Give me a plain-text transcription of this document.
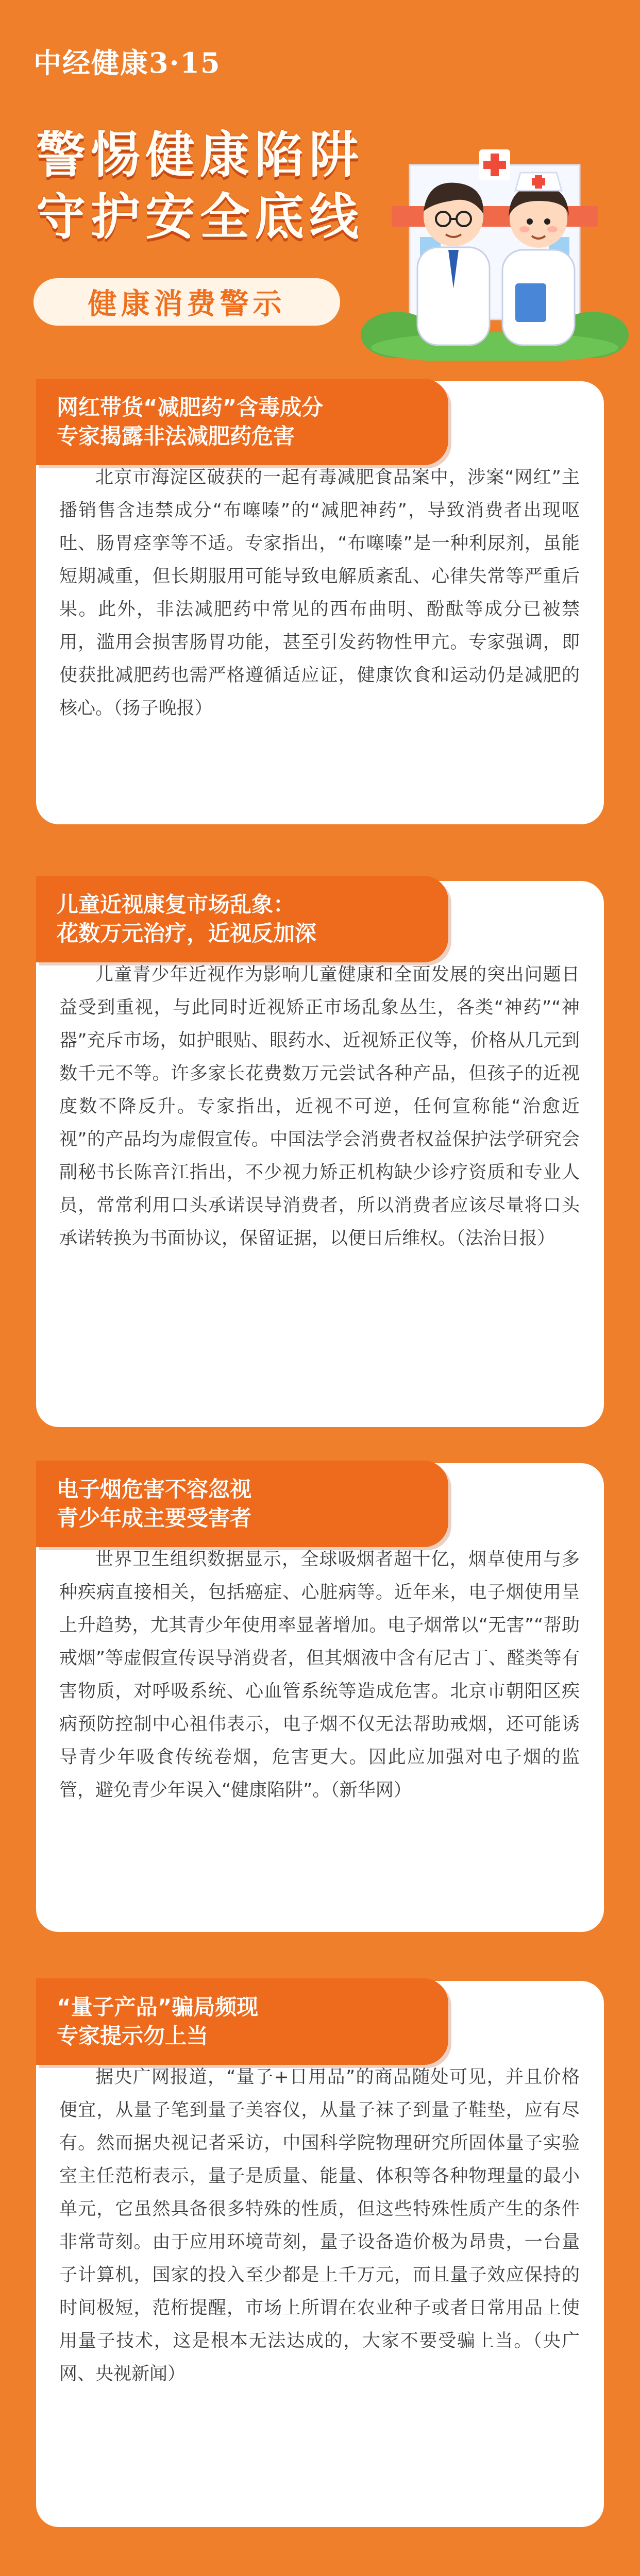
中经健康3·15
警惕健康陷阱
守护安全底线
健康消费警示
网红带货“减肥药”含毒成分
专家揭露非法减肥药危害

北京市海淀区破获的一起有毒减肥食品案中，涉案“网红”主播销售含违禁成分“布噻嗪”的“减肥神药”，导致消费者出现呕吐、肠胃痉挛等不适。专家指出，“布噻嗪”是一种利尿剂，虽能短期减重，但长期服用可能导致电解质紊乱、心律失常等严重后果。此外，非法减肥药中常见的西布曲明、酚酞等成分已被禁用，滥用会损害肠胃功能，甚至引发药物性甲亢。专家强调，即使获批减肥药也需严格遵循适应证，健康饮食和运动仍是减肥的核心。（扬子晚报）

儿童近视康复市场乱象：
花数万元治疗，近视反加深

儿童青少年近视作为影响儿童健康和全面发展的突出问题日益受到重视，与此同时近视矫正市场乱象丛生，各类“神药”“神器”充斥市场，如护眼贴、眼药水、近视矫正仪等，价格从几元到数千元不等。许多家长花费数万元尝试各种产品，但孩子的近视度数不降反升。专家指出，近视不可逆，任何宣称能“治愈近视”的产品均为虚假宣传。中国法学会消费者权益保护法学研究会副秘书长陈音江指出，不少视力矫正机构缺少诊疗资质和专业人员，常常利用口头承诺误导消费者，所以消费者应该尽量将口头承诺转换为书面协议，保留证据，以便日后维权。（法治日报）

电子烟危害不容忽视
青少年成主要受害者

世界卫生组织数据显示，全球吸烟者超十亿，烟草使用与多种疾病直接相关，包括癌症、心脏病等。近年来，电子烟使用呈上升趋势，尤其青少年使用率显著增加。电子烟常以“无害”“帮助戒烟”等虚假宣传误导消费者，但其烟液中含有尼古丁、醛类等有害物质，对呼吸系统、心血管系统等造成危害。北京市朝阳区疾病预防控制中心祖伟表示，电子烟不仅无法帮助戒烟，还可能诱导青少年吸食传统卷烟，危害更大。因此应加强对电子烟的监管，避免青少年误入“健康陷阱”。（新华网）

“量子产品”骗局频现
专家提示勿上当

据央广网报道，“量子+日用品”的商品随处可见，并且价格便宜，从量子笔到量子美容仪，从量子袜子到量子鞋垫，应有尽有。然而据央视记者采访，中国科学院物理研究所固体量子实验室主任范桁表示，量子是质量、能量、体积等各种物理量的最小单元，它虽然具备很多特殊的性质，但这些特殊性质产生的条件非常苛刻。由于应用环境苛刻，量子设备造价极为昂贵，一台量子计算机，国家的投入至少都是上千万元，而且量子效应保持的时间极短，范桁提醒，市场上所谓在农业种子或者日常用品上使用量子技术，这是根本无法达成的，大家不要受骗上当。（央广网、央视新闻）
